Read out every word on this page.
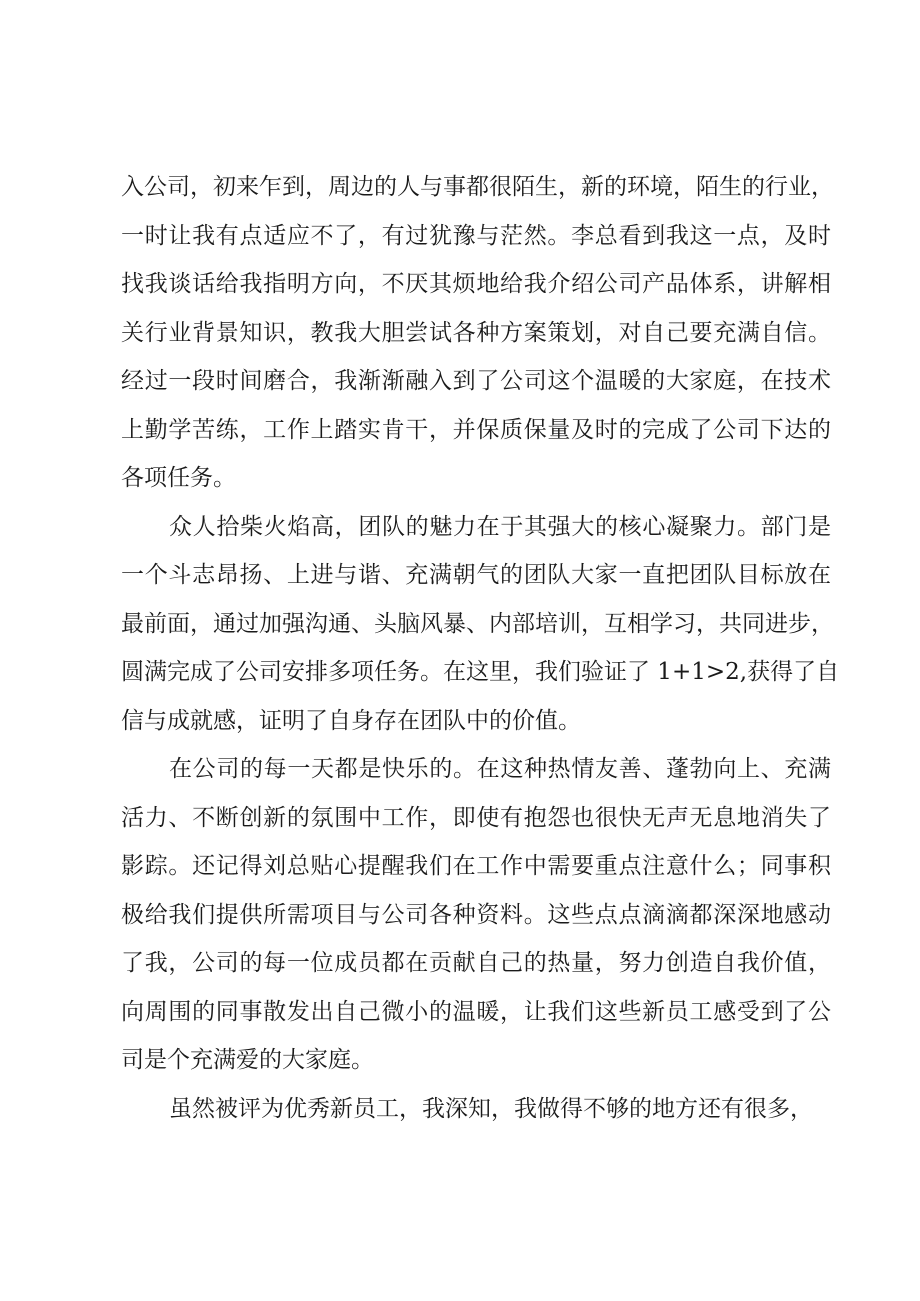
入公司，初来乍到，周边的人与事都很陌生，新的环境，陌生的行业，
一时让我有点适应不了，有过犹豫与茫然。李总看到我这一点，及时
找我谈话给我指明方向，不厌其烦地给我介绍公司产品体系，讲解相
关行业背景知识，教我大胆尝试各种方案策划，对自己要充满自信。
经过一段时间磨合，我渐渐融入到了公司这个温暖的大家庭，在技术
上勤学苦练，工作上踏实肯干，并保质保量及时的完成了公司下达的
各项任务。
众人拾柴火焰高，团队的魅力在于其强大的核心凝聚力。部门是
一个斗志昂扬、上进与谐、充满朝气的团队大家一直把团队目标放在
最前面，通过加强沟通、头脑风暴、内部培训，互相学习，共同进步，
圆满完成了公司安排多项任务。在这里，我们验证了 1+1>2,获得了自
信与成就感，证明了自身存在团队中的价值。
在公司的每一天都是快乐的。在这种热情友善、蓬勃向上、充满
活力、不断创新的氛围中工作，即使有抱怨也很快无声无息地消失了
影踪。还记得刘总贴心提醒我们在工作中需要重点注意什么；同事积
极给我们提供所需项目与公司各种资料。这些点点滴滴都深深地感动
了我，公司的每一位成员都在贡献自己的热量，努力创造自我价值，
向周围的同事散发出自己微小的温暖，让我们这些新员工感受到了公
司是个充满爱的大家庭。
虽然被评为优秀新员工，我深知，我做得不够的地方还有很多，
